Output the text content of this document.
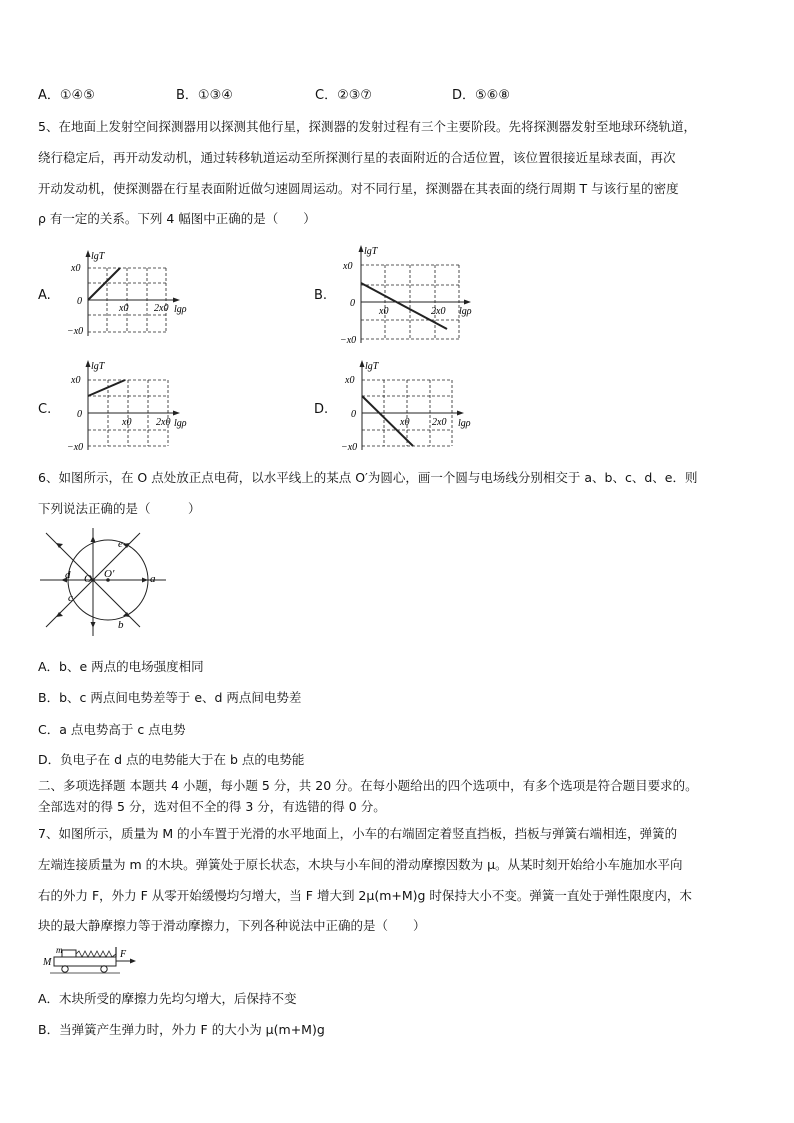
A．①④⑤	B．①③④	C．②③⑦	D．⑤⑥⑧
5、在地面上发射空间探测器用以探测其他行星，探测器的发射过程有三个主要阶段。先将探测器发射至地球环绕轨道，
绕行稳定后，再开动发动机，通过转移轨道运动至所探测行星的表面附近的合适位置，该位置很接近星球表面，再次
开动发动机，使探测器在行星表面附近做匀速圆周运动。对不同行星，探测器在其表面的绕行周期 T 与该行星的密度
ρ 有一定的关系。下列 4 幅图中正确的是（　　）
A.	B.
C.	D.
lgT
x0
0
−x0
x0	2x0 lgρ
lgT
x0
0
−x0
x0	2x0 lgρ
lgT
x0
0
−x0
x0 2x0 lgρ
lgT
x0
0
−x0
x0 2x0 lgρ
6、如图所示，在 O 点处放正点电荷，以水平线上的某点 O′为圆心，画一个圆与电场线分别相交于 a、b、c、d、e．则
下列说法正确的是（　　　）
e
d	a
c
b
O O′
A．b、e 两点的电场强度相同
B．b、c 两点间电势差等于 e、d 两点间电势差
C．a 点电势高于 c 点电势
D．负电子在 d 点的电势能大于在 b 点的电势能
二、多项选择题 本题共 4 小题，每小题 5 分，共 20 分。在每小题给出的四个选项中，有多个选项是符合题目要求的。
全部选对的得 5 分，选对但不全的得 3 分，有选错的得 0 分。
7、如图所示，质量为 M 的小车置于光滑的水平地面上，小车的右端固定着竖直挡板，挡板与弹簧右端相连，弹簧的
左端连接质量为 m 的木块。弹簧处于原长状态，木块与小车间的滑动摩擦因数为 μ。从某时刻开始给小车施加水平向
右的外力 F，外力 F 从零开始缓慢均匀增大，当 F 增大到 2μ(m+M)g 时保持大小不变。弹簧一直处于弹性限度内，木
块的最大静摩擦力等于滑动摩擦力，下列各种说法中正确的是（　　）
m
M
F
A．木块所受的摩擦力先均匀增大，后保持不变
B．当弹簧产生弹力时，外力 F 的大小为 μ(m+M)g
